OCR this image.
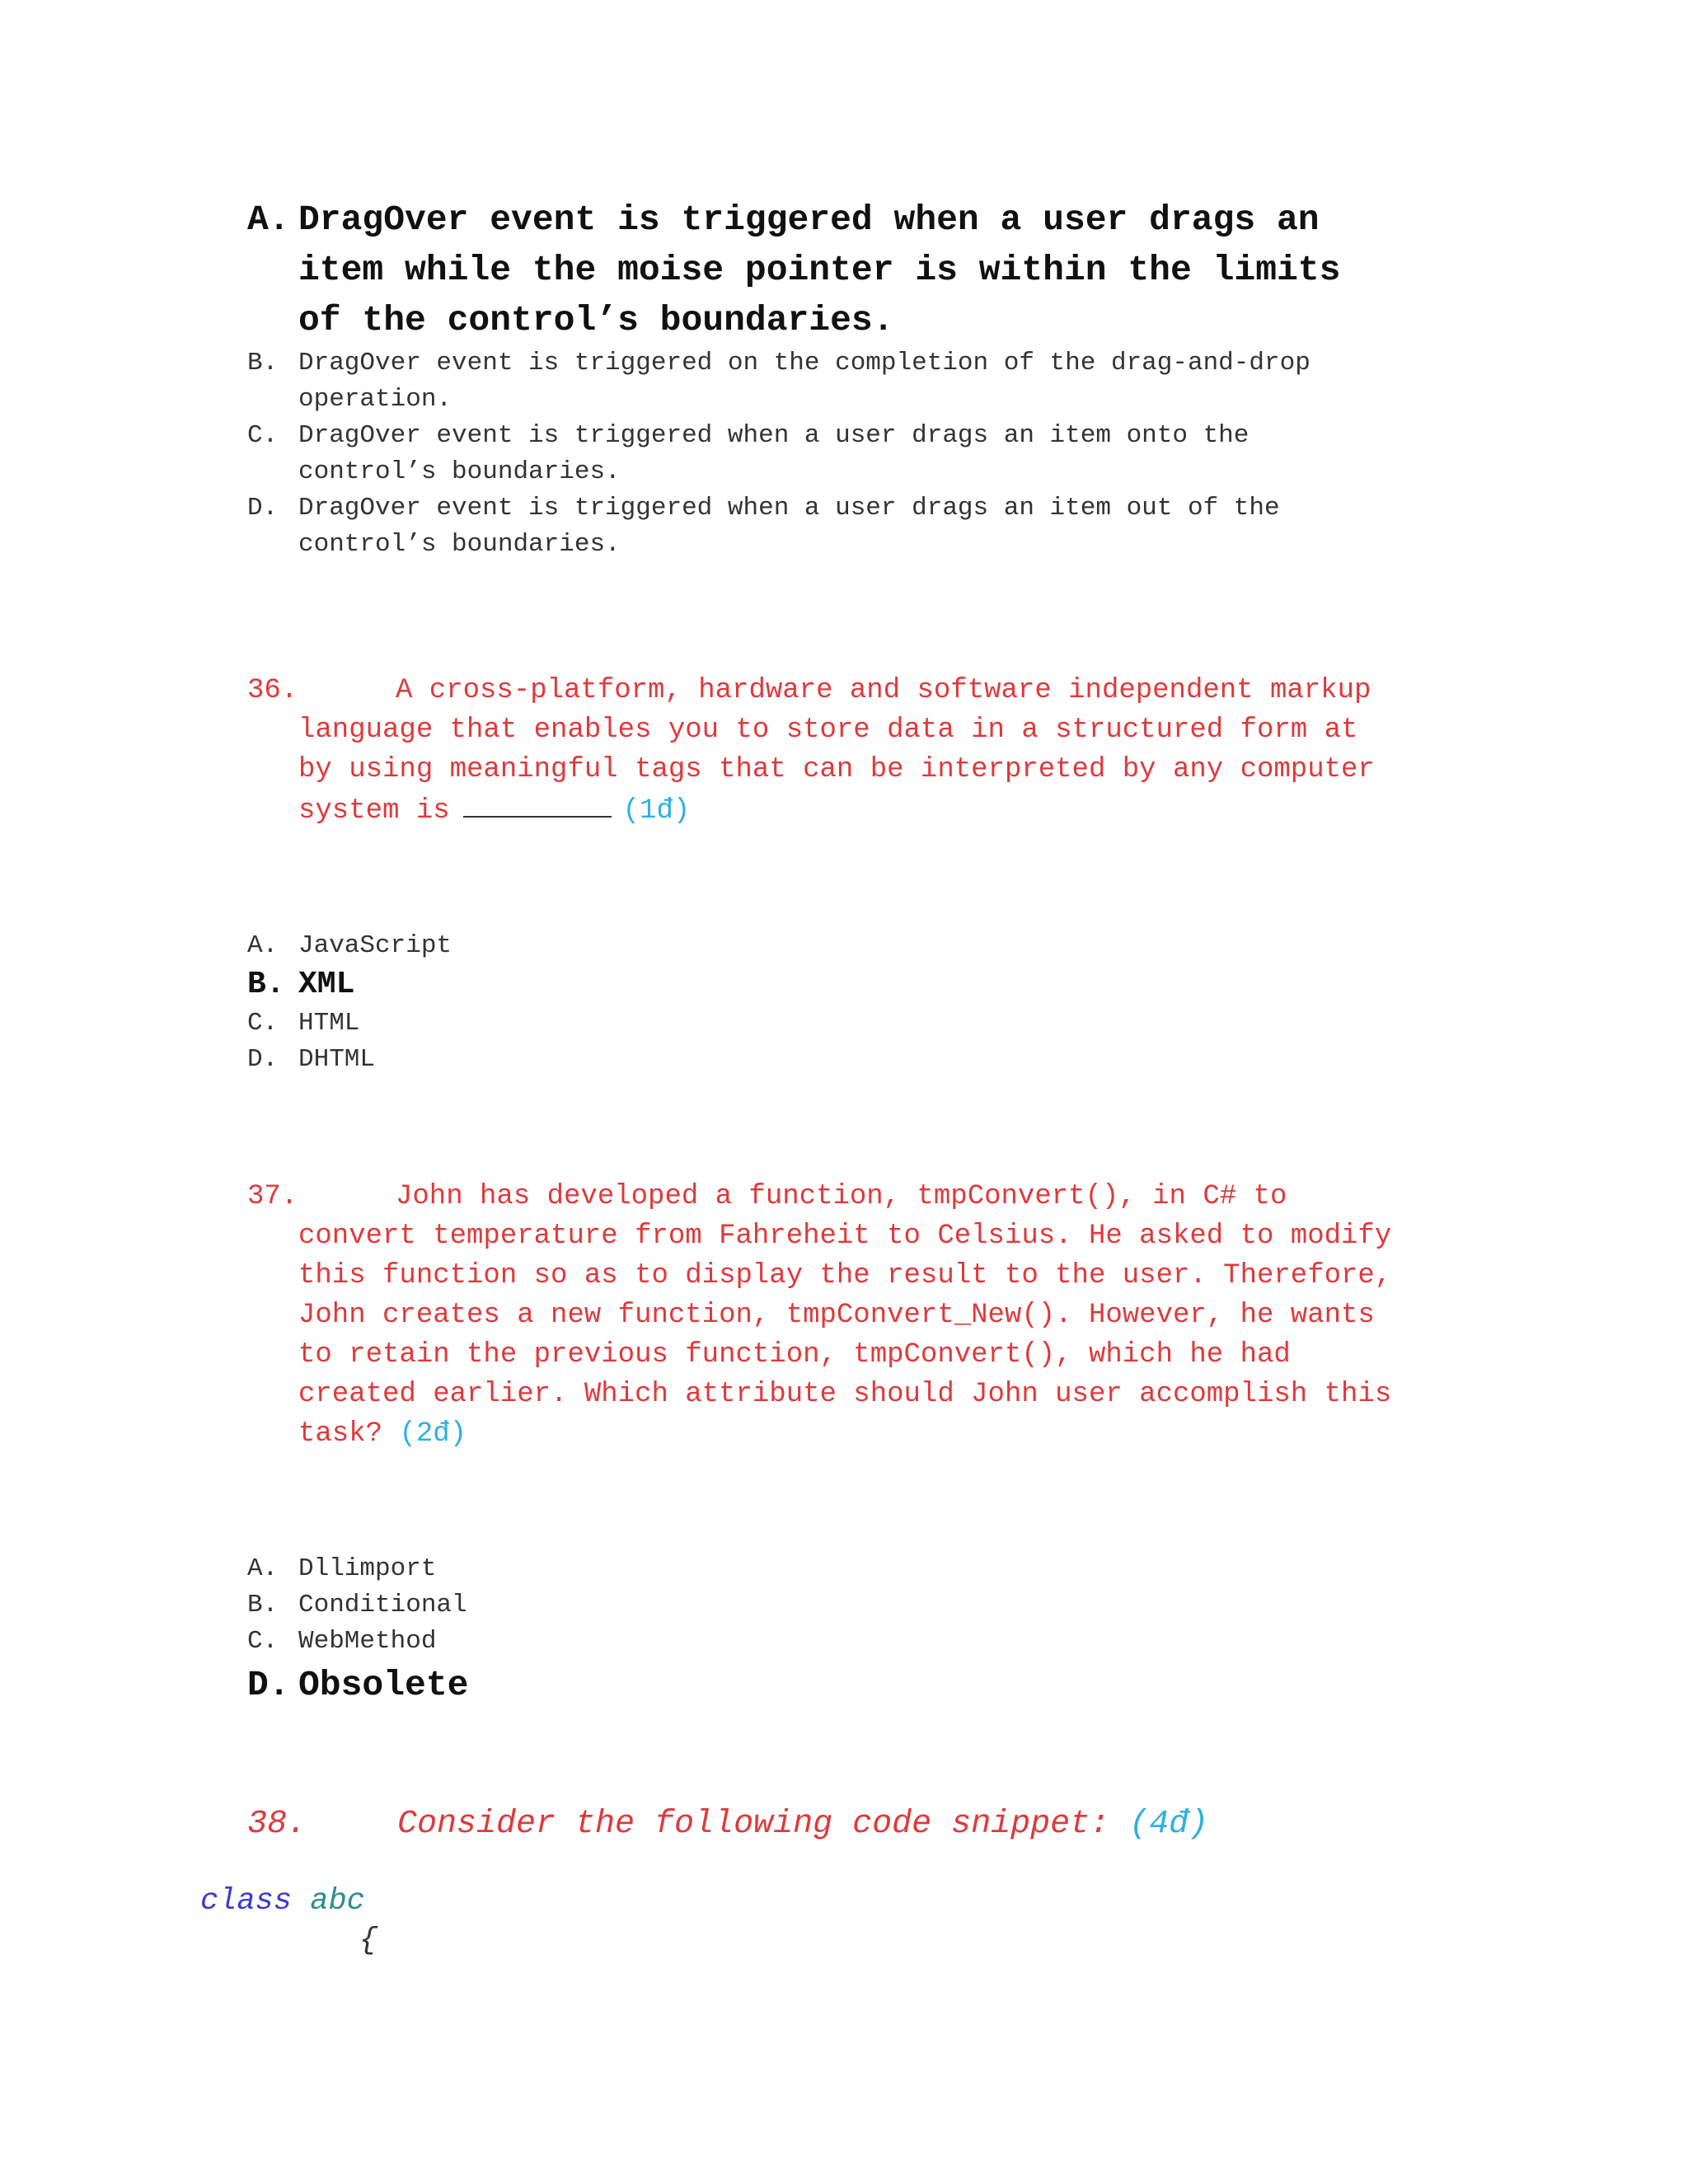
A. DragOver event is triggered when a user drags an
item while the moise pointer is within the limits
of the control’s boundaries.
B. DragOver event is triggered on the completion of the drag-and-drop
operation.
C. DragOver event is triggered when a user drags an item onto the
control’s boundaries.
D. DragOver event is triggered when a user drags an item out of the
control’s boundaries.
36.	A cross-platform, hardware and software independent markup
language that enables you to store data in a structured form at
by using meaningful tags that can be interpreted by any computer
system is	(1đ)
A. JavaScript
B. XML
C. HTML
D. DHTML
37.	John has developed a function, tmpConvert(), in C# to
convert temperature from Fahreheit to Celsius. He asked to modify
this function so as to display the result to the user. Therefore,
John creates a new function, tmpConvert_New(). However, he wants
to retain the previous function, tmpConvert(), which he had
created earlier. Which attribute should John user accomplish this
task? (2đ)
A. Dllimport
B. Conditional
C. WebMethod
D. Obsolete
38.	Consider the following code snippet: (4đ)
class abc
{
